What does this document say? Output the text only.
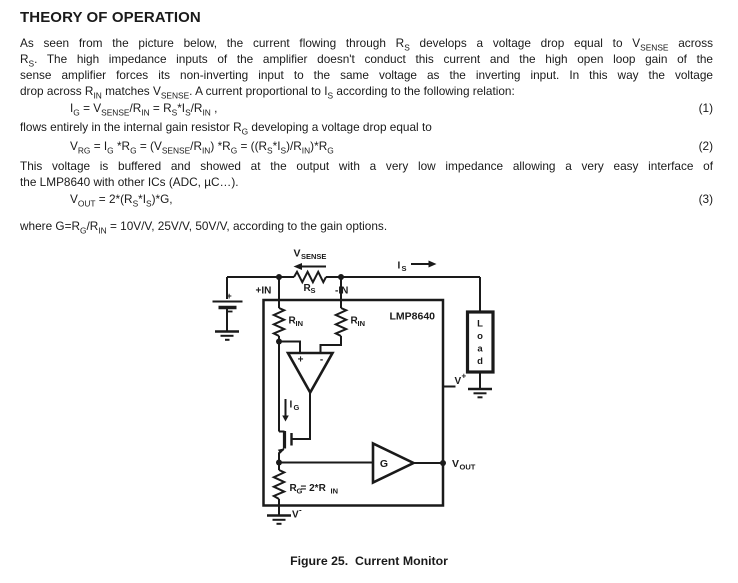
THEORY OF OPERATION
As seen from the picture below, the current flowing through $R_S$ develops a voltage drop equal to $V_{SENSE}$ across
$R_S$. The high impedance inputs of the amplifier doesn't conduct this current and the high open loop gain of the
sense amplifier forces its non-inverting input to the same voltage as the inverting input. In this way the voltage
drop across $R_{IN}$ matches $V_{SENSE}$. A current proportional to $I_S$ according to the following relation:
$I_G = V_{SENSE}/R_{IN} = R_S*I_S/R_{IN}$ ,	(1)
flows entirely in the internal gain resistor $R_G$ developing a voltage drop equal to
$V_{RG} = I_G$ $*R_G = (V_{SENSE}/R_{IN}) *R_G = ((R_S*I_S)/R_{IN})*R_G$	(2)
This voltage is buffered and showed at the output with a very low impedance allowing a very easy interface of
the LMP8640 with other ICs (ADC, µC…).
$V_{OUT} = 2*(R_S*I_S)*G$,	(3)
where $G=R_G/R_{IN} = 10V/V$, 25V/V, 50V/V, according to the gain options.
V SENSE
R S
+IN	-IN
I S
LMP8640
R IN	R IN
I G
+ -
G
R G
= 2*R IN
V +
V -
V OUT
L
o
a
d
+
Figure 25.  Current Monitor
